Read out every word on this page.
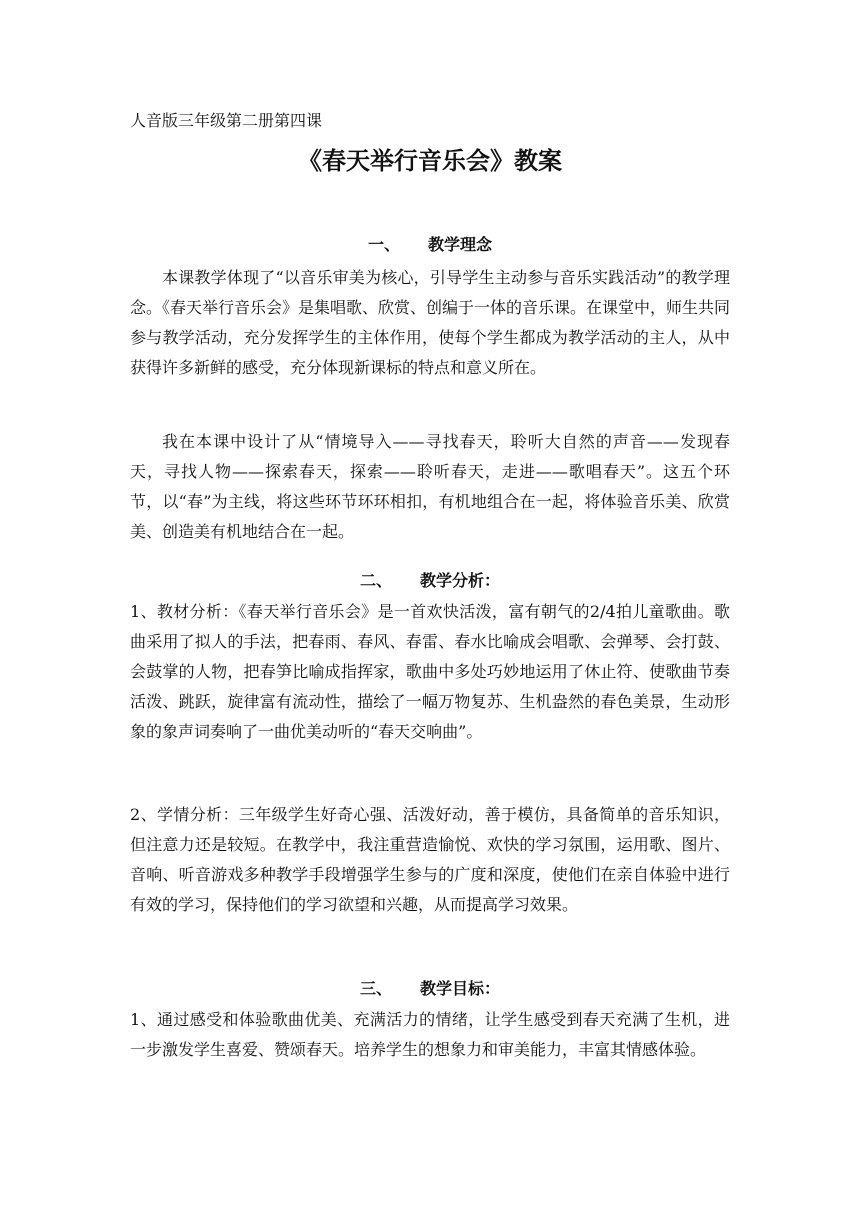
人音版三年级第二册第四课
《春天举行音乐会》教案
一、 教学理念
本课教学体现了“以音乐审美为核心，引导学生主动参与音乐实践活动”的教学理念。《春天举行音乐会》是集唱歌、欣赏、创编于一体的音乐课。在课堂中，师生共同参与教学活动，充分发挥学生的主体作用，使每个学生都成为教学活动的主人，从中获得许多新鲜的感受，充分体现新课标的特点和意义所在。
我在本课中设计了从“情境导入——寻找春天，聆听大自然的声音——发现春天，寻找人物——探索春天，探索——聆听春天，走进——歌唱春天”。这五个环节，以“春”为主线，将这些环节环环相扣，有机地组合在一起，将体验音乐美、欣赏美、创造美有机地结合在一起。
二、 教学分析：
1、教材分析：《春天举行音乐会》是一首欢快活泼，富有朝气的2/4拍儿童歌曲。歌曲采用了拟人的手法，把春雨、春风、春雷、春水比喻成会唱歌、会弹琴、会打鼓、会鼓掌的人物，把春笋比喻成指挥家，歌曲中多处巧妙地运用了休止符、使歌曲节奏活泼、跳跃，旋律富有流动性，描绘了一幅万物复苏、生机盎然的春色美景，生动形象的象声词奏响了一曲优美动听的“春天交响曲”。
2、学情分析：三年级学生好奇心强、活泼好动，善于模仿，具备简单的音乐知识，但注意力还是较短。在教学中，我注重营造愉悦、欢快的学习氛围，运用歌、图片、音响、听音游戏多种教学手段增强学生参与的广度和深度，使他们在亲自体验中进行有效的学习，保持他们的学习欲望和兴趣，从而提高学习效果。
三、 教学目标：
1、通过感受和体验歌曲优美、充满活力的情绪，让学生感受到春天充满了生机，进一步激发学生喜爱、赞颂春天。培养学生的想象力和审美能力，丰富其情感体验。
